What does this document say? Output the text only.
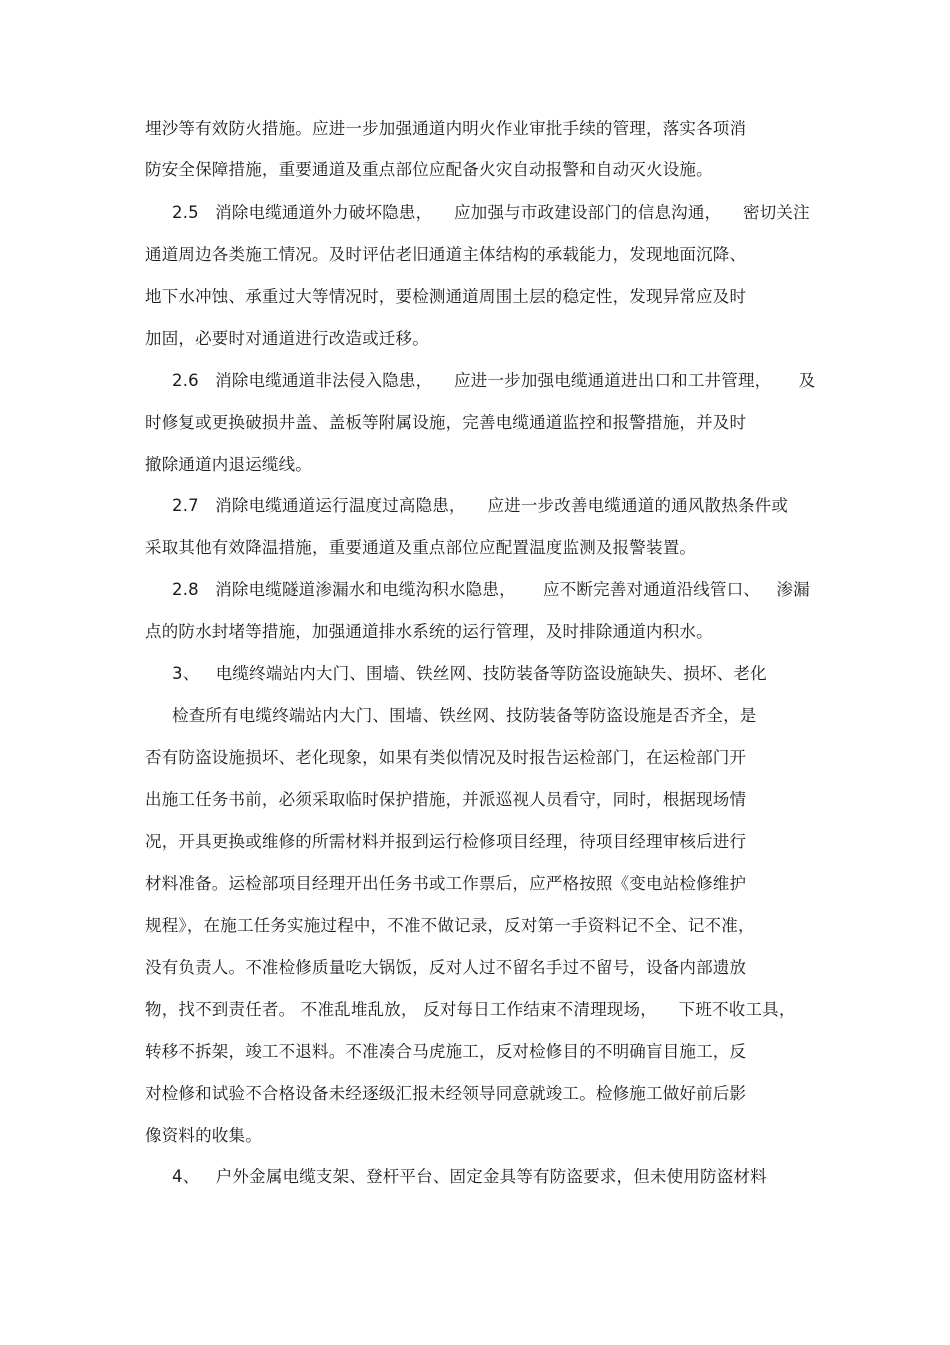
埋沙等有效防火措施。应进一步加强通道内明火作业审批手续的管理，落实各项消
防安全保障措施，重要通道及重点部位应配备火灾自动报警和自动灭火设施。
2.5   消除电缆通道外力破坏隐患，    应加强与市政建设部门的信息沟通，    密切关注
通道周边各类施工情况。及时评估老旧通道主体结构的承载能力，发现地面沉降、
地下水冲蚀、承重过大等情况时，要检测通道周围土层的稳定性，发现异常应及时
加固，必要时对通道进行改造或迁移。
2.6   消除电缆通道非法侵入隐患，    应进一步加强电缆通道进出口和工井管理，     及
时修复或更换破损井盖、盖板等附属设施，完善电缆通道监控和报警措施，并及时
撤除通道内退运缆线。
2.7   消除电缆通道运行温度过高隐患，    应进一步改善电缆通道的通风散热条件或
采取其他有效降温措施，重要通道及重点部位应配置温度监测及报警装置。
2.8   消除电缆隧道渗漏水和电缆沟积水隐患，     应不断完善对通道沿线管口、   渗漏
点的防水封堵等措施，加强通道排水系统的运行管理，及时排除通道内积水。
3、   电缆终端站内大门、围墙、铁丝网、技防装备等防盗设施缺失、损坏、老化
检查所有电缆终端站内大门、围墙、铁丝网、技防装备等防盗设施是否齐全，是
否有防盗设施损坏、老化现象，如果有类似情况及时报告运检部门，在运检部门开
出施工任务书前，必须采取临时保护措施，并派巡视人员看守，同时，根据现场情
况，开具更换或维修的所需材料并报到运行检修项目经理，待项目经理审核后进行
材料准备。运检部项目经理开出任务书或工作票后，应严格按照《变电站检修维护
规程》，在施工任务实施过程中，不准不做记录，反对第一手资料记不全、记不准，
没有负责人。不准检修质量吃大锅饭，反对人过不留名手过不留号，设备内部遗放
物，找不到责任者。 不准乱堆乱放， 反对每日工作结束不清理现场，    下班不收工具，
转移不拆架，竣工不退料。不准凑合马虎施工，反对检修目的不明确盲目施工，反
对检修和试验不合格设备未经逐级汇报未经领导同意就竣工。检修施工做好前后影
像资料的收集。
4、   户外金属电缆支架、登杆平台、固定金具等有防盗要求，但未使用防盗材料
